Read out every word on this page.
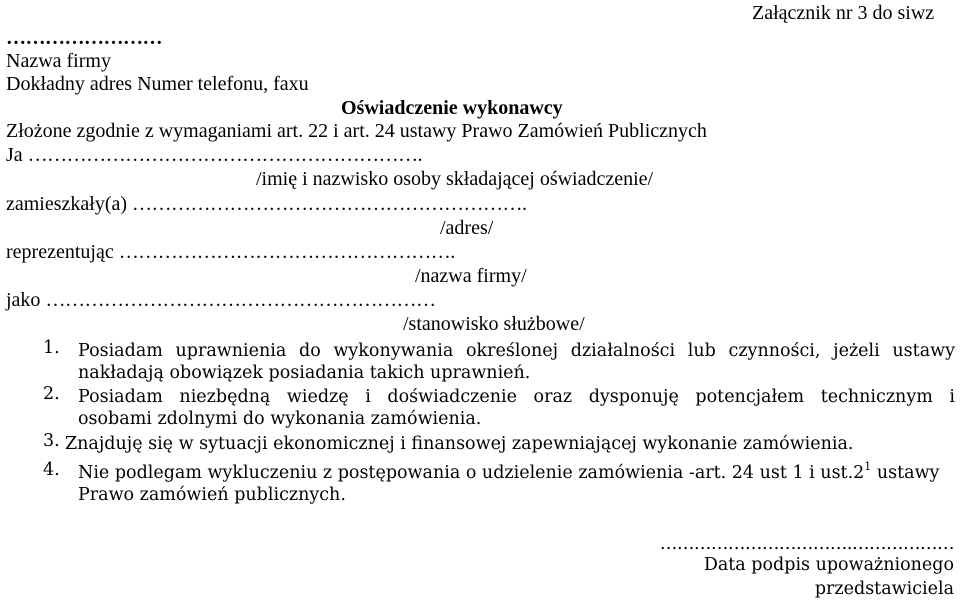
Załącznik nr 3 do siwz
……………………
Nazwa firmy
Dokładny adres Numer telefonu, faxu
Oświadczenie wykonawcy
Złożone zgodnie z wymaganiami art. 22 i art. 24 ustawy Prawo Zamówień Publicznych
Ja …………………………………………………….
/imię i nazwisko osoby składającej oświadczenie/
zamieszkały(a) …………………………………………………….
/adres/
reprezentując …………………………………………….
/nazwa firmy/
jako ……………………………………………………
/stanowisko służbowe/
1. Posiadam uprawnienia do wykonywania określonej działalności lub czynności, jeżeli ustawy
nakładają obowiązek posiadania takich uprawnień.
2. Posiadam niezbędną wiedzę i doświadczenie oraz dysponuję potencjałem technicznym i
osobami zdolnymi do wykonania zamówienia.
3. Znajduję się w sytuacji ekonomicznej i finansowej zapewniającej wykonanie zamówienia.
4. Nie podlegam wykluczeniu z postępowania o udzielenie zamówienia -art. 24 ust 1 i $ust.2^1$ ustawy
Prawo zamówień publicznych.
…………………………….………………
Data podpis upoważnionego
przedstawiciela
